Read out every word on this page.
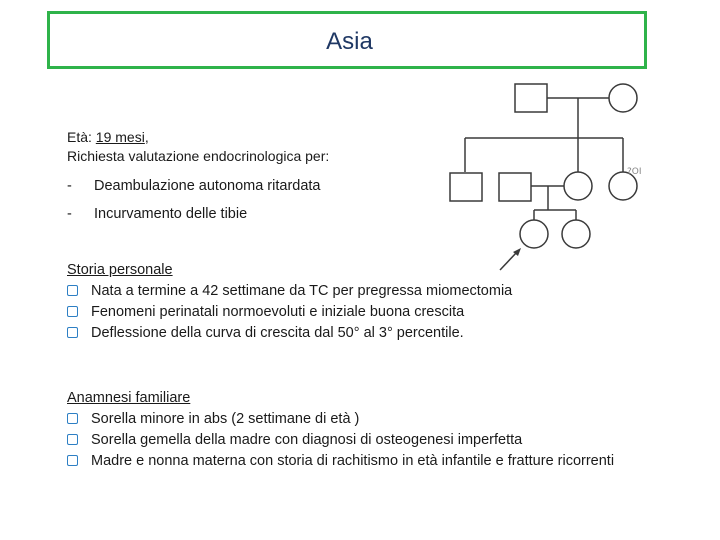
Asia
Età: 19 mesi,
Richiesta valutazione endocrinologica per:
- Deambulazione autonoma ritardata
- Incurvamento delle tibie
?OI
Storia personale
Nata a termine a 42 settimane da TC per pregressa miomectomia
Fenomeni perinatali normoevoluti e iniziale buona crescita
Deflessione della curva di crescita dal 50° al 3° percentile.
Anamnesi familiare
Sorella minore in abs (2 settimane di età )
Sorella gemella della madre con diagnosi di osteogenesi imperfetta
Madre e nonna materna con storia di rachitismo in età infantile e fratture ricorrenti
